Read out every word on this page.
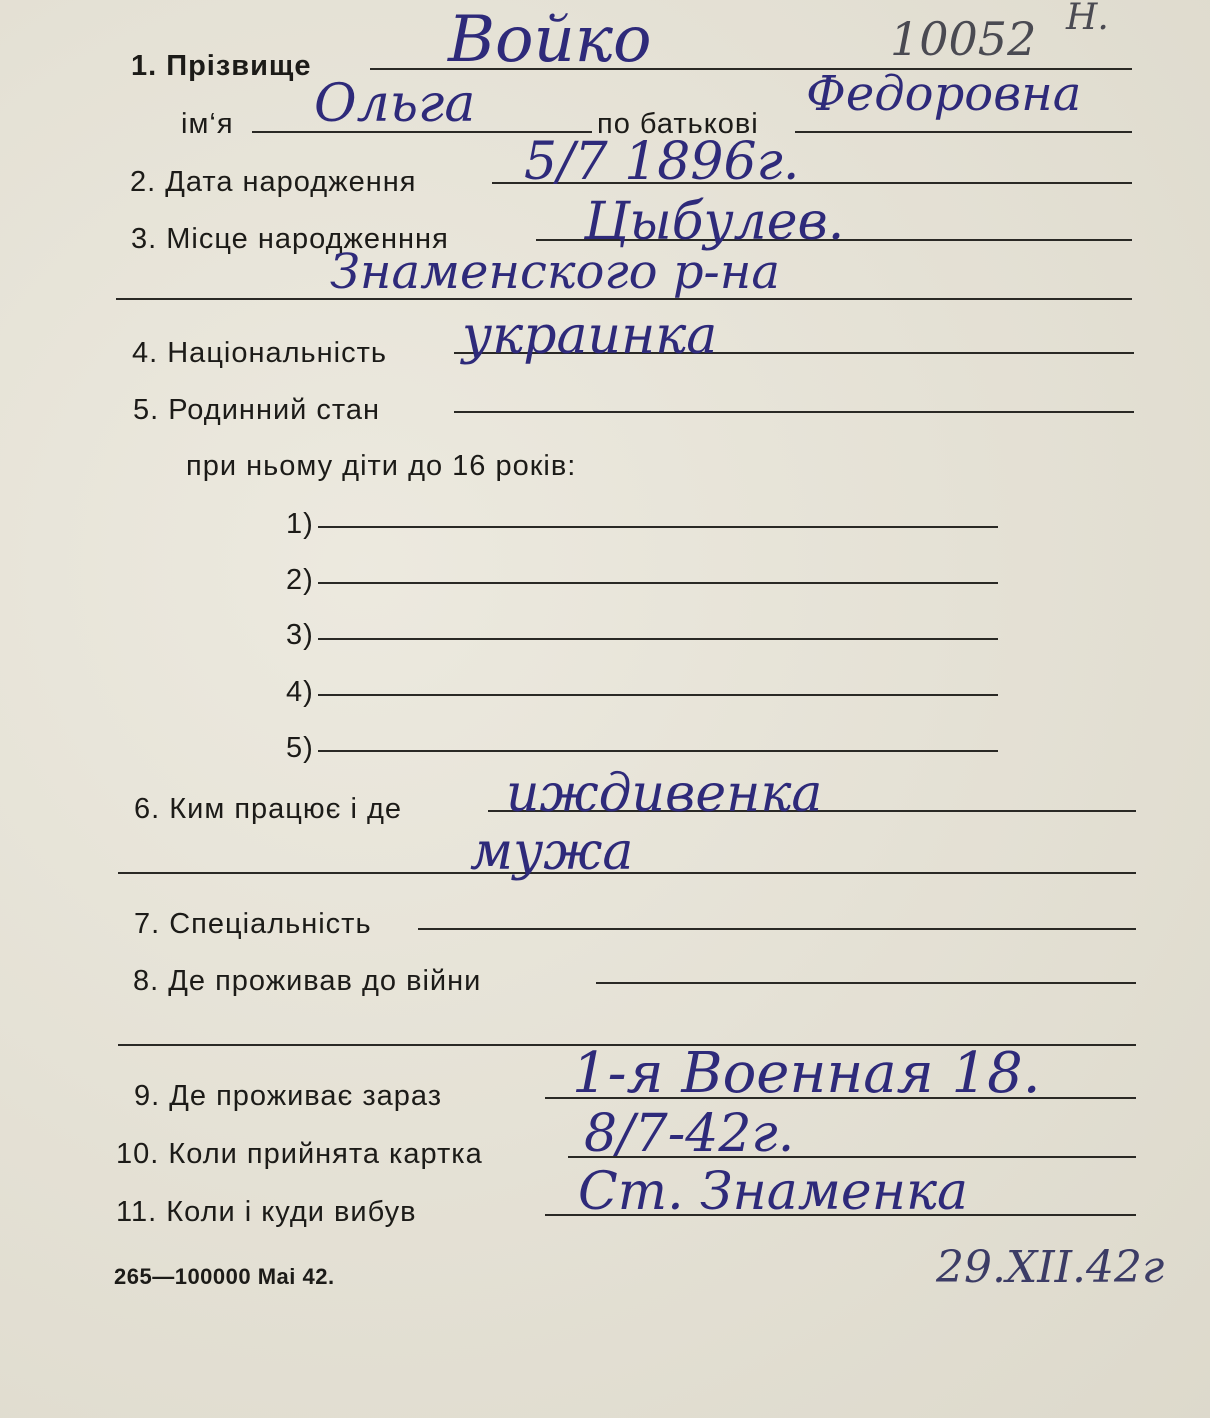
1. Прізвище Войко	10052 Н.
ім‘я Ольга	по батькові
Федоровна
2. Дата народження 5/7 1896г.
3. Місце народженння	Цыбулев.
Знаменского р-на
4. Національність украинка
5. Родинний стан
при ньому діти до 16 років:
1)
2)
3)
4)
5)
6. Ким працює і де иждивенка
мужа
7. Спеціальність
8. Де проживав до війни
9. Де проживає зараз 1-я Военная 18.
10. Коли прийнята картка 8/7-42г.
11. Коли і куди вибув	Ст. Знаменка
265—100000 Mai 42.	29.XII.42г
